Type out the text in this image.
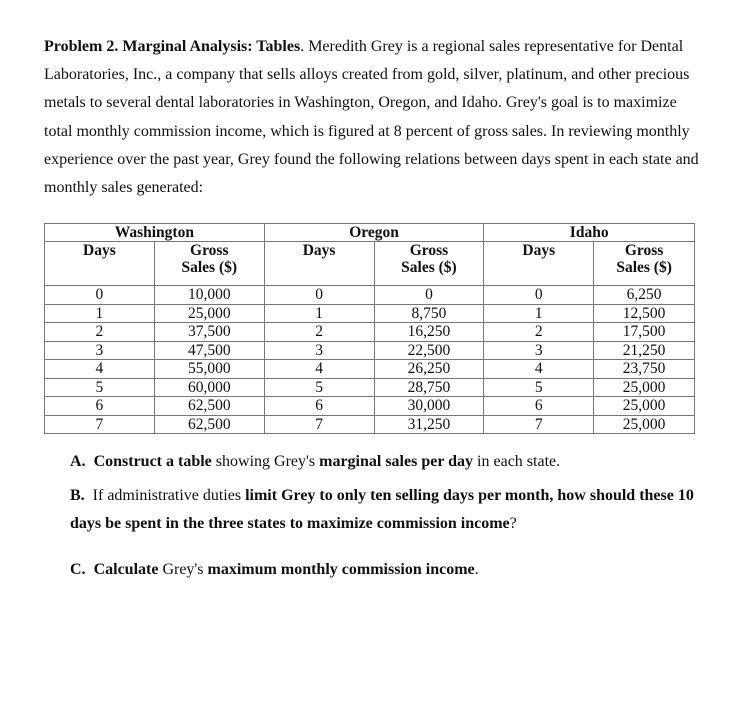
Problem 2. Marginal Analysis: Tables. Meredith Grey is a regional sales representative for Dental Laboratories, Inc., a company that sells alloys created from gold, silver, platinum, and other precious metals to several dental laboratories in Washington, Oregon, and Idaho. Grey's goal is to maximize total monthly commission income, which is figured at 8 percent of gross sales. In reviewing monthly experience over the past year, Grey found the following relations between days spent in each state and monthly sales generated:
Washington		Oregon		Idaho	
Days	Gross Sales ($)	Days	Gross Sales ($)	Days	Gross Sales ($)
0	10,000	0	0	0	6,250
1	25,000	1	8,750	1	12,500
2	37,500	2	16,250	2	17,500
3	47,500	3	22,500	3	21,250
4	55,000	4	26,250	4	23,750
5	60,000	5	28,750	5	25,000
6	62,500	6	30,000	6	25,000
7	62,500	7	31,250	7	25,000
A. Construct a table showing Grey's marginal sales per day in each state.
B. If administrative duties limit Grey to only ten selling days per month, how should these 10 days be spent in the three states to maximize commission income?
C. Calculate Grey's maximum monthly commission income.
